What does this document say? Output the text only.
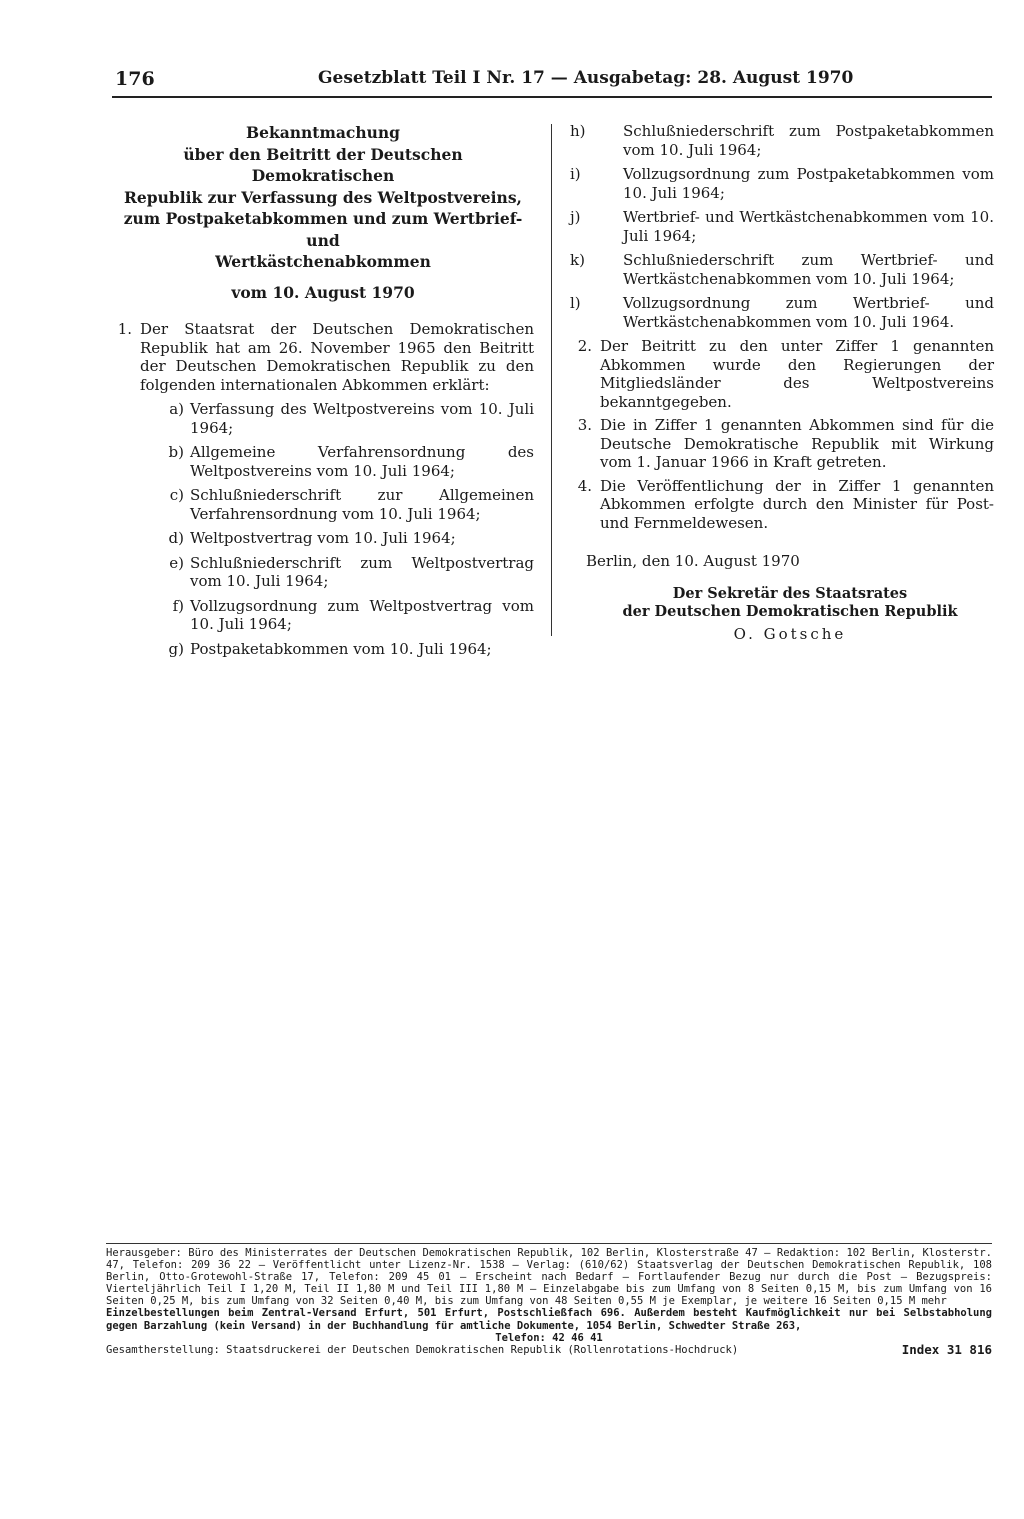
176	Gesetzblatt Teil I Nr. 17 — Ausgabetag: 28. August 1970

Bekanntmachung
über den Beitritt der Deutschen Demokratischen
Republik zur Verfassung des Weltpostvereins,
zum Postpaketabkommen und zum Wertbrief- und
Wertkästchenabkommen

vom 10. August 1970
1. Der Staatsrat der Deutschen Demokratischen Republik hat am 26. November 1965 den Beitritt der Deutschen Demokratischen Republik zu den folgenden internationalen Abkommen erklärt:
a) Verfassung des Weltpostvereins vom 10. Juli 1964;
b) Allgemeine Verfahrensordnung des Weltpostvereins vom 10. Juli 1964;
c) Schlußniederschrift zur Allgemeinen Verfahrensordnung vom 10. Juli 1964;
d) Weltpostvertrag vom 10. Juli 1964;
e) Schlußniederschrift zum Weltpostvertrag vom 10. Juli 1964;
f) Vollzugsordnung zum Weltpostvertrag vom 10. Juli 1964;
g) Postpaketabkommen vom 10. Juli 1964;
h)	Schlußniederschrift zum Postpaketabkommen vom 10. Juli 1964;
i)	Vollzugsordnung zum Postpaketabkommen vom 10. Juli 1964;
j)	Wertbrief- und Wertkästchenabkommen vom 10. Juli 1964;
k)	Schlußniederschrift zum Wertbrief- und Wertkästchenabkommen vom 10. Juli 1964;
l)	Vollzugsordnung zum Wertbrief- und Wertkästchenabkommen vom 10. Juli 1964.
2. Der Beitritt zu den unter Ziffer 1 genannten Abkommen wurde den Regierungen der Mitgliedsländer des Weltpostvereins bekanntgegeben.
3. Die in Ziffer 1 genannten Abkommen sind für die Deutsche Demokratische Republik mit Wirkung vom 1. Januar 1966 in Kraft getreten.
4. Die Veröffentlichung der in Ziffer 1 genannten Abkommen erfolgte durch den Minister für Post- und Fernmeldewesen.
Berlin, den 10. August 1970
Der Sekretär des Staatsrates
der Deutschen Demokratischen Republik
O. Gotsche

Herausgeber: Büro des Ministerrates der Deutschen Demokratischen Republik, 102 Berlin, Klosterstraße 47 – Redaktion: 102 Berlin, Klosterstr. 47, Telefon: 209 36 22 – Veröffentlicht unter Lizenz-Nr. 1538 – Verlag: (610/62) Staatsverlag der Deutschen Demokratischen Republik, 108 Berlin, Otto-Grotewohl-Straße 17, Telefon: 209 45 01 – Erscheint nach Bedarf – Fortlaufender Bezug nur durch die Post – Bezugspreis: Vierteljährlich Teil I 1,20 M, Teil II 1,80 M und Teil III 1,80 M – Einzelabgabe bis zum Umfang von 8 Seiten 0,15 M, bis zum Umfang von 16 Seiten 0,25 M, bis zum Umfang von 32 Seiten 0,40 M, bis zum Umfang von 48 Seiten 0,55 M je Exemplar, je weitere 16 Seiten 0,15 M mehr

Einzelbestellungen beim Zentral-Versand Erfurt, 501 Erfurt, Postschließfach 696. Außerdem besteht Kaufmöglichkeit nur bei Selbstabholung gegen Barzahlung (kein Versand) in der Buchhandlung für amtliche Dokumente, 1054 Berlin, Schwedter Straße 263,

Telefon: 42 46 41

Gesamtherstellung: Staatsdruckerei der Deutschen Demokratischen Republik (Rollenrotations-Hochdruck)	Index 31 816
